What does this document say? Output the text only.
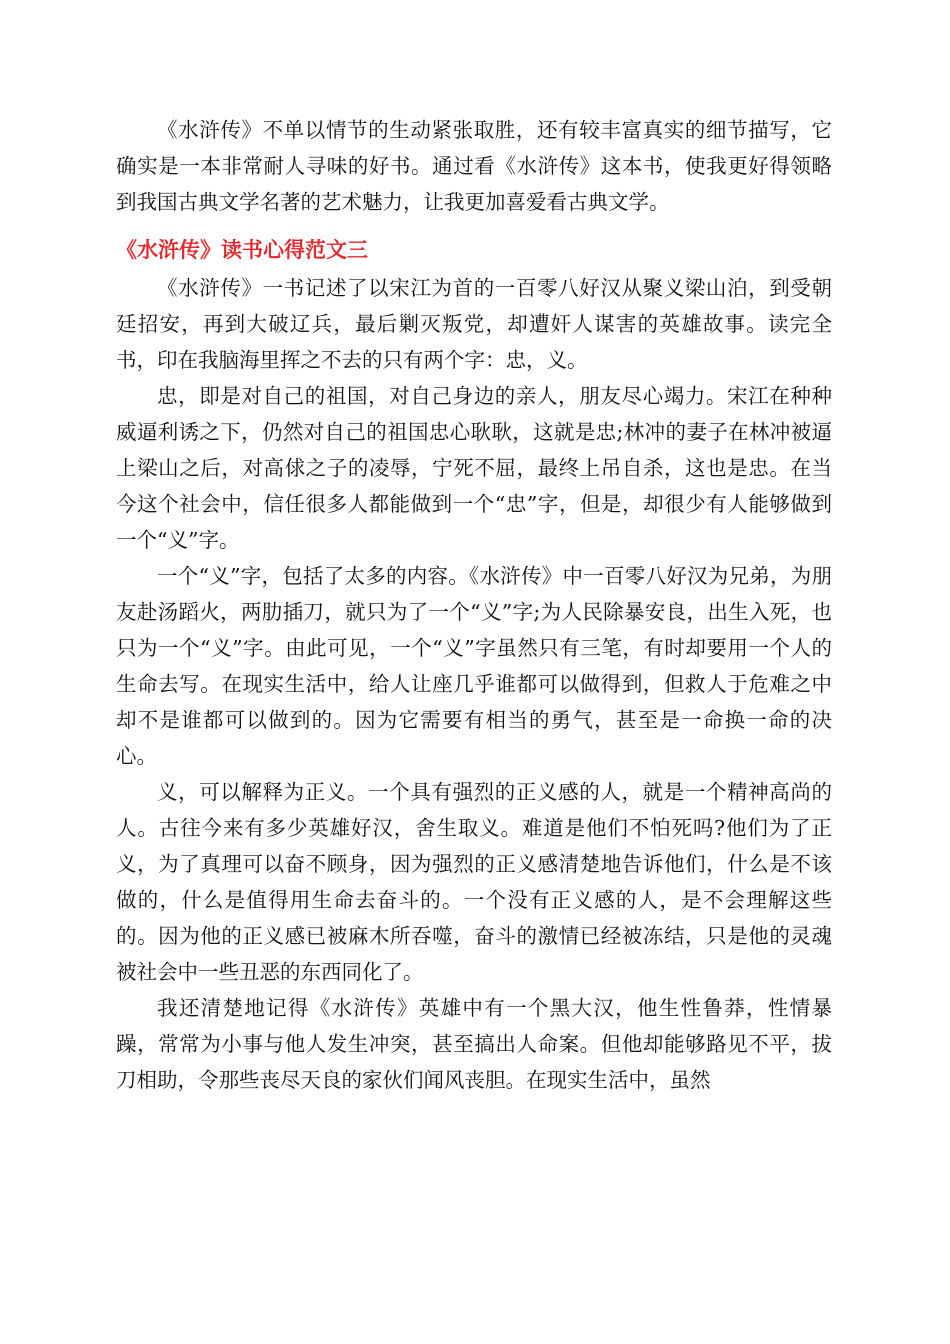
《水浒传》不单以情节的生动紧张取胜，还有较丰富真实的细节描写，它确实是一本非常耐人寻味的好书。通过看《水浒传》这本书，使我更好得领略到我国古典文学名著的艺术魅力，让我更加喜爱看古典文学。

《水浒传》读书心得范文三

《水浒传》一书记述了以宋江为首的一百零八好汉从聚义梁山泊，到受朝廷招安，再到大破辽兵，最后剿灭叛党，却遭奸人谋害的英雄故事。读完全书，印在我脑海里挥之不去的只有两个字：忠，义。

忠，即是对自己的祖国，对自己身边的亲人，朋友尽心竭力。宋江在种种威逼利诱之下，仍然对自己的祖国忠心耿耿，这就是忠;林冲的妻子在林冲被逼上梁山之后，对高俅之子的凌辱，宁死不屈，最终上吊自杀，这也是忠。在当今这个社会中，信任很多人都能做到一个“忠”字，但是，却很少有人能够做到一个“义”字。

一个“义”字，包括了太多的内容。《水浒传》中一百零八好汉为兄弟，为朋友赴汤蹈火，两肋插刀，就只为了一个“义”字;为人民除暴安良，出生入死，也只为一个“义”字。由此可见，一个“义”字虽然只有三笔，有时却要用一个人的生命去写。在现实生活中，给人让座几乎谁都可以做得到，但救人于危难之中却不是谁都可以做到的。因为它需要有相当的勇气，甚至是一命换一命的决心。

义，可以解释为正义。一个具有强烈的正义感的人，就是一个精神高尚的人。古往今来有多少英雄好汉，舍生取义。难道是他们不怕死吗?他们为了正义，为了真理可以奋不顾身，因为强烈的正义感清楚地告诉他们，什么是不该做的，什么是值得用生命去奋斗的。一个没有正义感的人，是不会理解这些的。因为他的正义感已被麻木所吞噬，奋斗的激情已经被冻结，只是他的灵魂被社会中一些丑恶的东西同化了。

我还清楚地记得《水浒传》英雄中有一个黑大汉，他生性鲁莽，性情暴躁，常常为小事与他人发生冲突，甚至搞出人命案。但他却能够路见不平，拔刀相助，令那些丧尽天良的家伙们闻风丧胆。在现实生活中，虽然
